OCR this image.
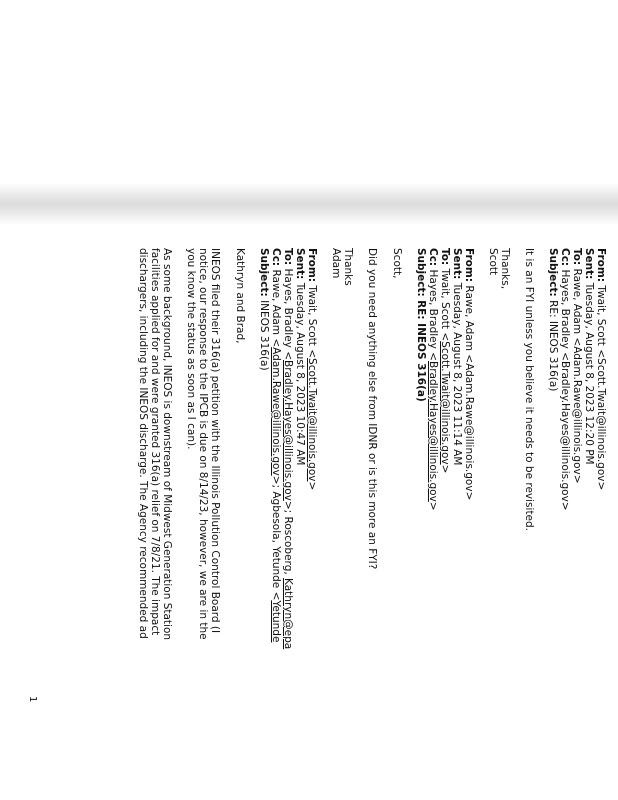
From: Twait, Scott <Scott.Twait@illinois.gov>
Sent: Tuesday, August 8, 2023 12:20 PM
To: Rawe, Adam <Adam.Rawe@illinois.gov>
Cc: Hayes, Bradley <Bradley.Hayes@illinois.gov>
Subject: RE: INEOS 316(a)
It is an FYI unless you believe it needs to be revisited.
Thanks,
Scott
From: Rawe, Adam <Adam.Rawe@illinois.gov>
Sent: Tuesday, August 8, 2023 11:14 AM
To: Twait, Scott <Scott.Twait@illinois.gov>
Cc: Hayes, Bradley <Bradley.Hayes@illinois.gov>
Subject: RE: INEOS 316(a)
Scott,
Did you need anything else from IDNR or is this more an FYI?
Thanks
Adam
From: Twait, Scott <Scott.Twait@illinois.gov>
Sent: Tuesday, August 8, 2023 10:47 AM
To: Hayes, Bradley <Bradley.Hayes@illinois.gov>; Roscoberg, Kathryn@epa
Cc: Rawe, Adam <Adam.Rawe@illinois.gov>; Agbesola, Yetunde <Yetunde
Subject: INEOS 316(a)
Kathryn and Brad,
INEOS filed their 316(a) petition with the Illinois Pollution Control Board (I
notice, our response to the IPCB is due on 8/14/23, however, we are in the
you know the status as soon as I can).
As some background, INEOS is downstream of Midwest Generation Station
facilities applied for and were granted 316(a) relief on 7/8/21. The impact
dischargers, including the INEOS discharge. The Agency recommended ad
1
